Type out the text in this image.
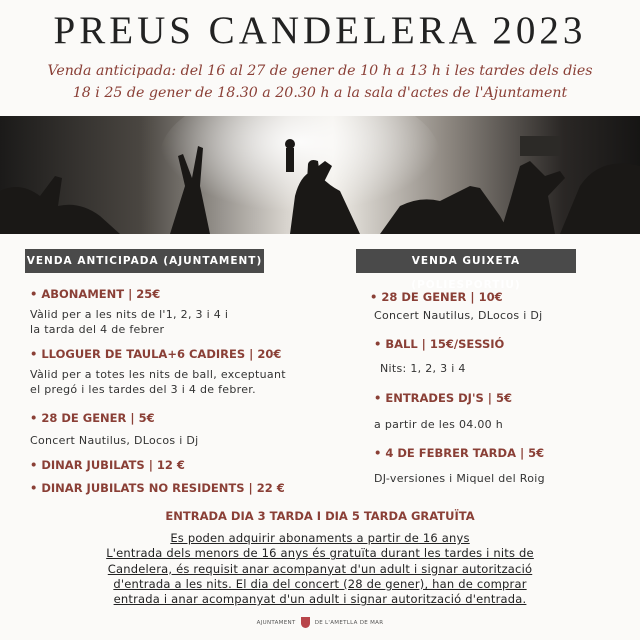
PREUS CANDELERA 2023
Venda anticipada: del 16 al 27 de gener de 10 h a 13 h i les tardes dels dies
18 i 25 de gener de 18.30 a 20.30 h a la sala d'actes de l'Ajuntament
VENDA ANTICIPADA (AJUNTAMENT)	VENDA GUIXETA (POLIESPORTIU)
• ABONAMENT | 25€
Vàlid per a les nits de l'1, 2, 3 i 4 i
la tarda del 4 de febrer
• LLOGUER DE TAULA+6 CADIRES | 20€
Vàlid per a totes les nits de ball, exceptuant
el pregó i les tardes del 3 i 4 de febrer.
• 28 DE GENER | 5€
Concert Nautilus, DLocos i Dj
• DINAR JUBILATS | 12 €
• DINAR JUBILATS NO RESIDENTS | 22 €
• 28 DE GENER | 10€
Concert Nautilus, DLocos i Dj
• BALL | 15€/SESSIÓ
Nits: 1, 2, 3 i 4
• ENTRADES DJ'S | 5€
a partir de les 04.00 h
• 4 DE FEBRER TARDA | 5€
DJ-versiones i Miquel del Roig
ENTRADA DIA 3 TARDA I DIA 5 TARDA GRATUÏTA
Es poden adquirir abonaments a partir de 16 anys
L'entrada dels menors de 16 anys és gratuïta durant les tardes i nits de
Candelera, és requisit anar acompanyat d'un adult i signar autorització
d'entrada a les nits. El dia del concert (28 de gener), han de comprar
entrada i anar acompanyat d'un adult i signar autorització d'entrada.
AJUNTAMENT	DE L'AMETLLA DE MAR
